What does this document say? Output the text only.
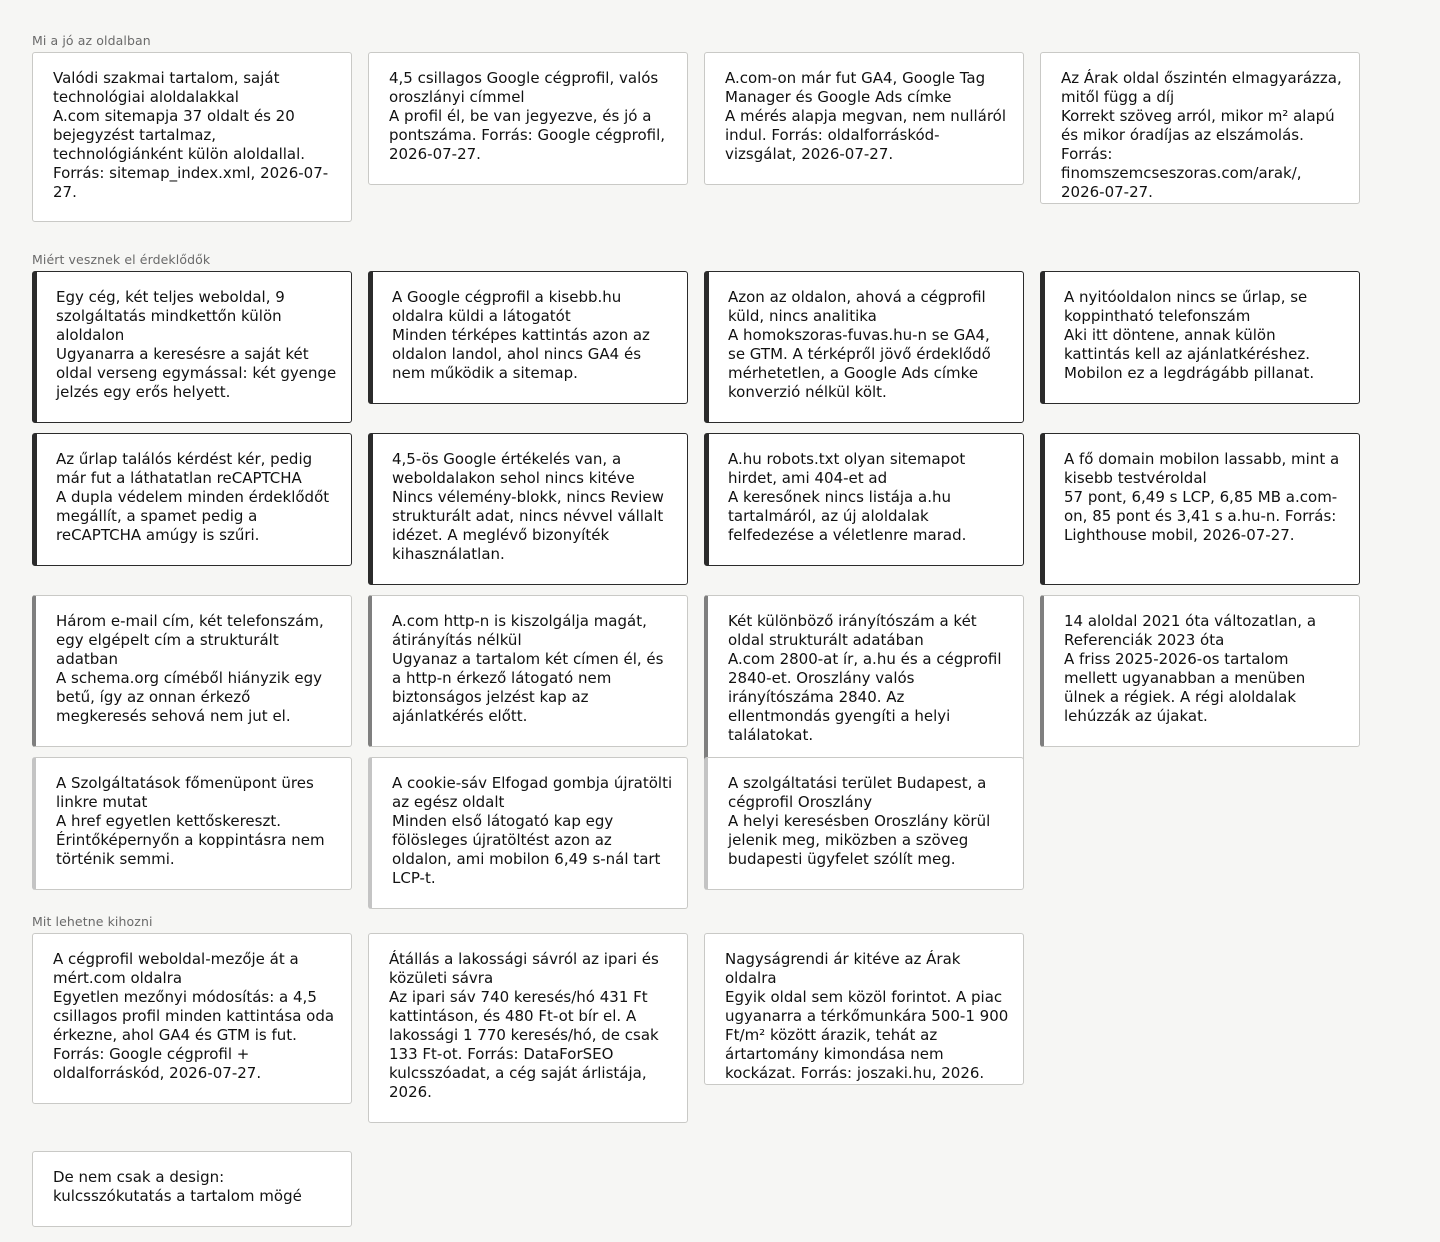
Mi a jó az oldalban
Valódi szakmai tartalom, saját technológiai aloldalakkal
A.com sitemapja 37 oldalt és 20 bejegyzést tartalmaz, technológiánként külön aloldallal. Forrás: sitemap_index.xml, 2026-07-27.
4,5 csillagos Google cégprofil, valós oroszlányi címmel
A profil él, be van jegyezve, és jó a pontszáma. Forrás: Google cégprofil, 2026-07-27.
A.com-on már fut GA4, Google Tag Manager és Google Ads címke
A mérés alapja megvan, nem nulláról indul. Forrás: oldalforráskód-vizsgálat, 2026-07-27.
Az Árak oldal őszintén elmagyarázza, mitől függ a díj
Korrekt szöveg arról, mikor m² alapú és mikor óradíjas az elszámolás. Forrás: finomszemcseszoras.com/arak/, 2026-07-27.
Miért vesznek el érdeklődők
Egy cég, két teljes weboldal, 9 szolgáltatás mindkettőn külön aloldalon
Ugyanarra a keresésre a saját két oldal verseng egymással: két gyenge jelzés egy erős helyett.
A Google cégprofil a kisebb.hu oldalra küldi a látogatót
Minden térképes kattintás azon az oldalon landol, ahol nincs GA4 és nem működik a sitemap.
Azon az oldalon, ahová a cégprofil küld, nincs analitika
A homokszoras-fuvas.hu-n se GA4, se GTM. A térképről jövő érdeklődő mérhetetlen, a Google Ads címke konverzió nélkül költ.
A nyitóoldalon nincs se űrlap, se koppintható telefonszám
Aki itt döntene, annak külön kattintás kell az ajánlatkéréshez. Mobilon ez a legdrágább pillanat.
Az űrlap találós kérdést kér, pedig már fut a láthatatlan reCAPTCHA
A dupla védelem minden érdeklődőt megállít, a spamet pedig a reCAPTCHA amúgy is szűri.
4,5-ös Google értékelés van, a weboldalakon sehol nincs kitéve
Nincs vélemény-blokk, nincs Review strukturált adat, nincs névvel vállalt idézet. A meglévő bizonyíték kihasználatlan.
A.hu robots.txt olyan sitemapot hirdet, ami 404-et ad
A keresőnek nincs listája a.hu tartalmáról, az új aloldalak felfedezése a véletlenre marad.
A fő domain mobilon lassabb, mint a kisebb testvéroldal
57 pont, 6,49 s LCP, 6,85 MB a.com-on, 85 pont és 3,41 s a.hu-n. Forrás: Lighthouse mobil, 2026-07-27.
Három e-mail cím, két telefonszám, egy elgépelt cím a strukturált adatban
A schema.org címéből hiányzik egy betű, így az onnan érkező megkeresés sehová nem jut el.
A.com http-n is kiszolgálja magát, átirányítás nélkül
Ugyanaz a tartalom két címen él, és a http-n érkező látogató nem biztonságos jelzést kap az ajánlatkérés előtt.
Két különböző irányítószám a két oldal strukturált adatában
A.com 2800-at ír, a.hu és a cégprofil 2840-et. Oroszlány valós irányítószáma 2840. Az ellentmondás gyengíti a helyi találatokat.
14 aloldal 2021 óta változatlan, a Referenciák 2023 óta
A friss 2025-2026-os tartalom mellett ugyanabban a menüben ülnek a régiek. A régi aloldalak lehúzzák az újakat.
A Szolgáltatások főmenüpont üres linkre mutat
A href egyetlen kettőskereszt. Érintőképernyőn a koppintásra nem történik semmi.
A cookie-sáv Elfogad gombja újratölti az egész oldalt
Minden első látogató kap egy fölösleges újratöltést azon az oldalon, ami mobilon 6,49 s-nál tart LCP-t.
A szolgáltatási terület Budapest, a cégprofil Oroszlány
A helyi keresésben Oroszlány körül jelenik meg, miközben a szöveg budapesti ügyfelet szólít meg.
Mit lehetne kihozni
A cégprofil weboldal-mezője át a mért.com oldalra
Egyetlen mezőnyi módosítás: a 4,5 csillagos profil minden kattintása oda érkezne, ahol GA4 és GTM is fut. Forrás: Google cégprofil + oldalforráskód, 2026-07-27.
Átállás a lakossági sávról az ipari és közületi sávra
Az ipari sáv 740 keresés/hó 431 Ft kattintáson, és 480 Ft-ot bír el. A lakossági 1 770 keresés/hó, de csak 133 Ft-ot. Forrás: DataForSEO kulcsszóadat, a cég saját árlistája, 2026.
Nagyságrendi ár kitéve az Árak oldalra
Egyik oldal sem közöl forintot. A piac ugyanarra a térkőmunkára 500-1 900 Ft/m² között árazik, tehát az ártartomány kimondása nem kockázat. Forrás: joszaki.hu, 2026.
De nem csak a design: kulcsszókutatás a tartalom mögé
